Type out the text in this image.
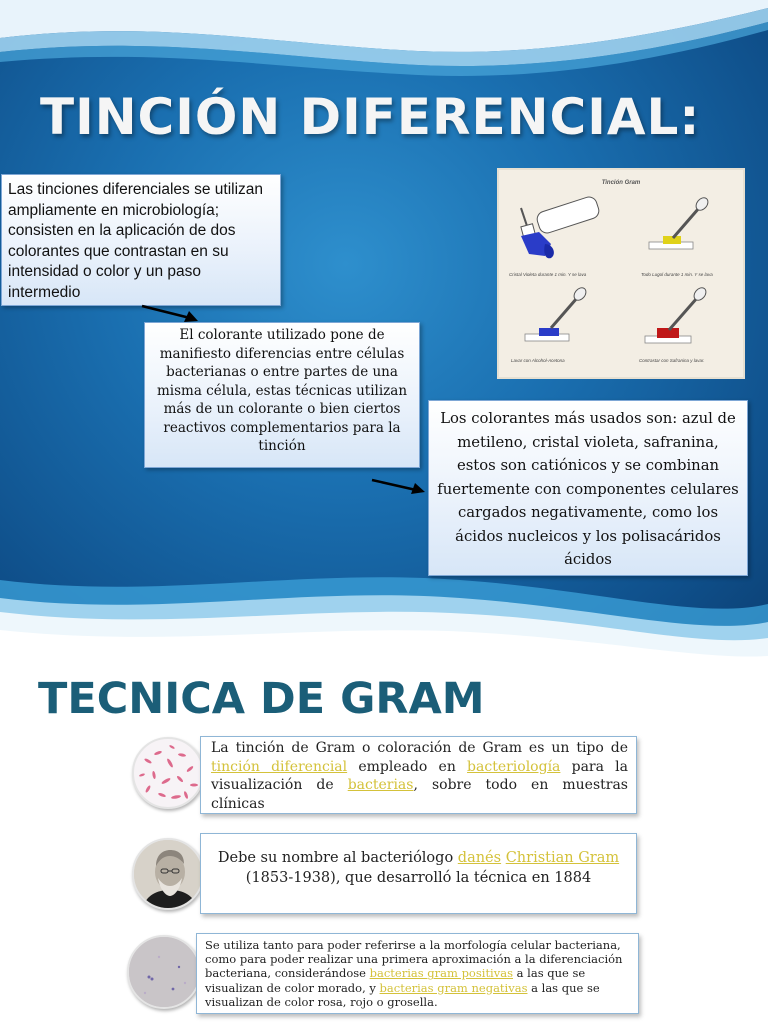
TINCIÓN DIFERENCIAL:
Las tinciones diferenciales se utilizan ampliamente en microbiología; consisten en la aplicación de dos colorantes que contrastan en su intensidad o color y un paso intermedio
El colorante utilizado pone de manifiesto diferencias entre células bacterianas o entre partes de una misma célula, estas técnicas utilizan más de un colorante o bien ciertos reactivos complementarios para la tinción
Los colorantes más usados son: azul de metileno, cristal violeta, safranina, estos son catiónicos y se combinan fuertemente con componentes celulares cargados negativamente, como los ácidos nucleicos y los polisacáridos ácidos
Tinción Gram
Cristal Violeta durante 1 min. Y se lava	Todo Lugol durante 1 min. Y se lava
Lavar con Alcohol-Acetona	Contrastar con Safranina y lavar.
TECNICA DE GRAM
La tinción de Gram o coloración de Gram es un tipo de tinción diferencial empleado en bacteriología para la visualización de bacterias, sobre todo en muestras clínicas
Debe su nombre al bacteriólogo danés Christian Gram (1853-1938), que desarrolló la técnica en 1884
Se utiliza tanto para poder referirse a la morfología celular bacteriana, como para poder realizar una primera aproximación a la diferenciación bacteriana, considerándose bacterias gram positivas a las que se visualizan de color morado, y bacterias gram negativas a las que se visualizan de color rosa, rojo o grosella.
